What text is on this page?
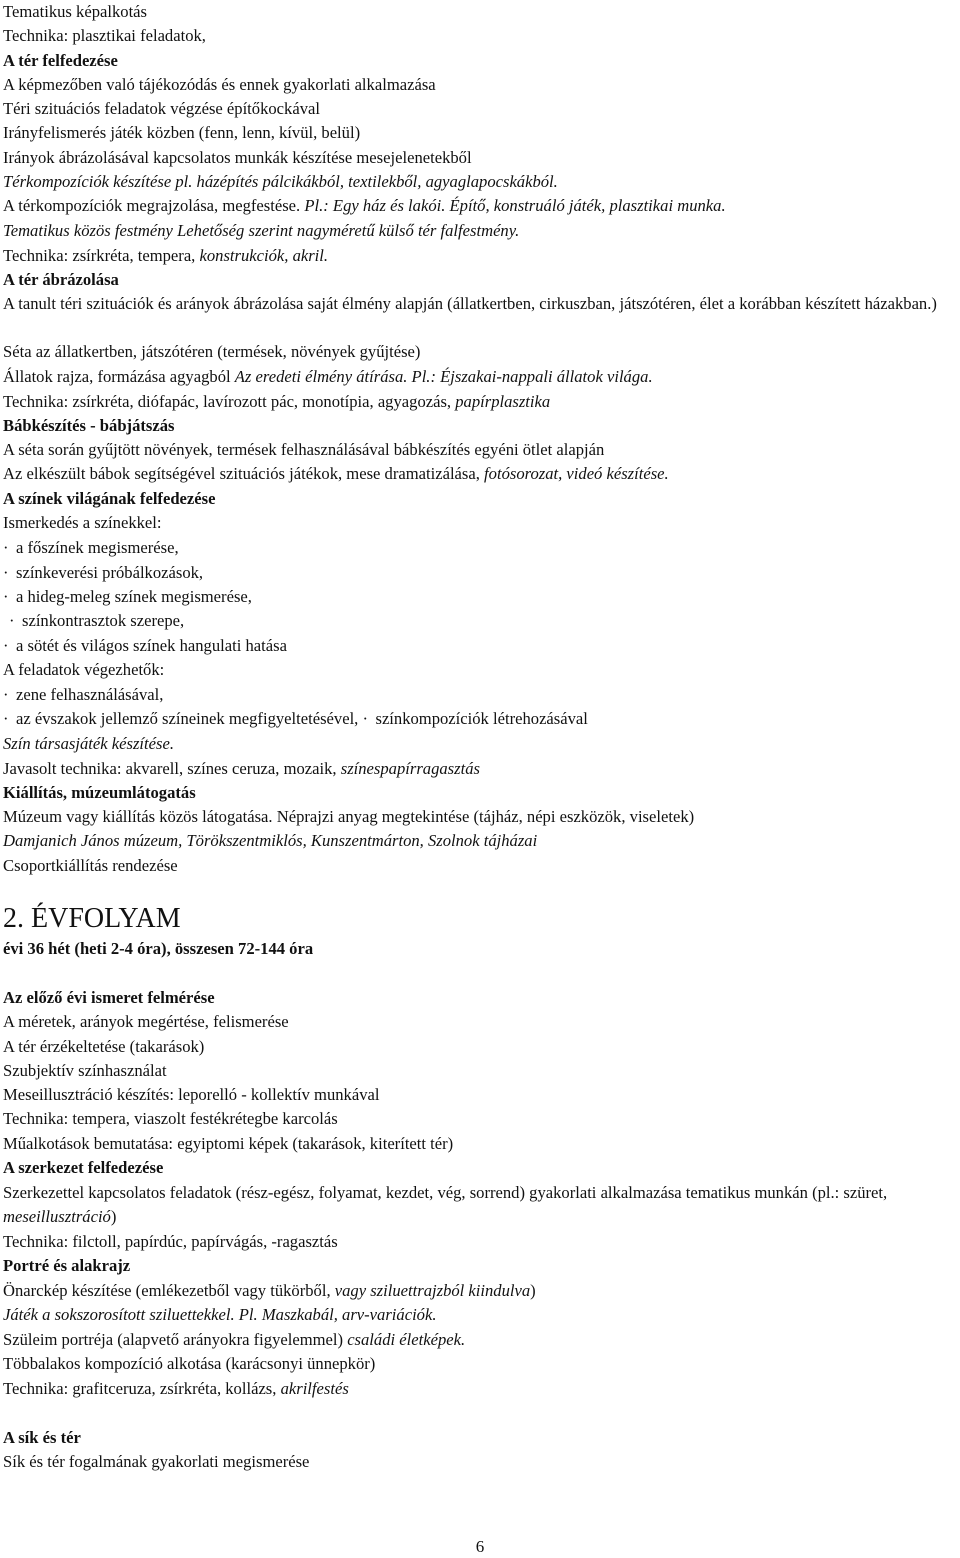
Tematikus képalkotás
Technika: plasztikai feladatok,
A tér felfedezése
A képmezőben való tájékozódás és ennek gyakorlati alkalmazása
Téri szituációs feladatok végzése építőkockával
Irányfelismerés játék közben (fenn, lenn, kívül, belül)
Irányok ábrázolásával kapcsolatos munkák készítése mesejelenetekből
Térkompozíciók készítése pl. házépítés pálcikákból, textilekből, agyaglapocskákból.
A térkompozíciók megrajzolása, megfestése. Pl.: Egy ház és lakói. Építő, konstruáló játék, plasztikai munka.
Tematikus közös festmény Lehetőség szerint nagyméretű külső tér falfestmény.
Technika: zsírkréta, tempera, konstrukciók, akril.
A tér ábrázolása
A tanult téri szituációk és arányok ábrázolása saját élmény alapján (állatkertben, cirkuszban, játszótéren, élet a korábban készített házakban.)
Séta az állatkertben, játszótéren (termések, növények gyűjtése)
Állatok rajza, formázása agyagból Az eredeti élmény átírása. Pl.: Éjszakai-nappali állatok világa.
Technika: zsírkréta, diófapác, lavírozott pác, monotípia, agyagozás, papírplasztika
Bábkészítés - bábjátszás
A séta során gyűjtött növények, termések felhasználásával bábkészítés egyéni ötlet alapján
Az elkészült bábok segítségével szituációs játékok, mese dramatizálása, fotósorozat, videó készítése.
A színek világának felfedezése
Ismerkedés a színekkel:
· a főszínek megismerése,
· színkeverési próbálkozások,
· a hideg-meleg színek megismerése,
· színkontrasztok szerepe,
· a sötét és világos színek hangulati hatása
A feladatok végezhetők:
· zene felhasználásával,
· az évszakok jellemző színeinek megfigyeltetésével, · színkompozíciók létrehozásával
Szín társasjáték készítése.
Javasolt technika: akvarell, színes ceruza, mozaik, színespapírragasztás
Kiállítás, múzeumlátogatás
Múzeum vagy kiállítás közös látogatása. Néprajzi anyag megtekintése (tájház, népi eszközök, viseletek)
Damjanich János múzeum, Törökszentmiklós, Kunszentmárton, Szolnok tájházai
Csoportkiállítás rendezése
2. ÉVFOLYAM
évi 36 hét (heti 2-4 óra), összesen 72-144 óra
Az előző évi ismeret felmérése
A méretek, arányok megértése, felismerése
A tér érzékeltetése (takarások)
Szubjektív színhasználat
Meseillusztráció készítés: leporelló - kollektív munkával
Technika: tempera, viaszolt festékrétegbe karcolás
Műalkotások bemutatása: egyiptomi képek (takarások, kiterített tér)
A szerkezet felfedezése
Szerkezettel kapcsolatos feladatok (rész-egész, folyamat, kezdet, vég, sorrend) gyakorlati alkalmazása tematikus munkán (pl.: szüret, meseillusztráció)
Technika: filctoll, papírdúc, papírvágás, -ragasztás
Portré és alakrajz
Önarckép készítése (emlékezetből vagy tükörből, vagy sziluettrajzból kiindulva)
Játék a sokszorosított sziluettekkel. Pl. Maszkabál, arv-variációk.
Szüleim portréja (alapvető arányokra figyelemmel) családi életképek.
Többalakos kompozíció alkotása (karácsonyi ünnepkör)
Technika: grafitceruza, zsírkréta, kollázs, akrilfestés
A sík és tér
Sík és tér fogalmának gyakorlati megismerése
6
